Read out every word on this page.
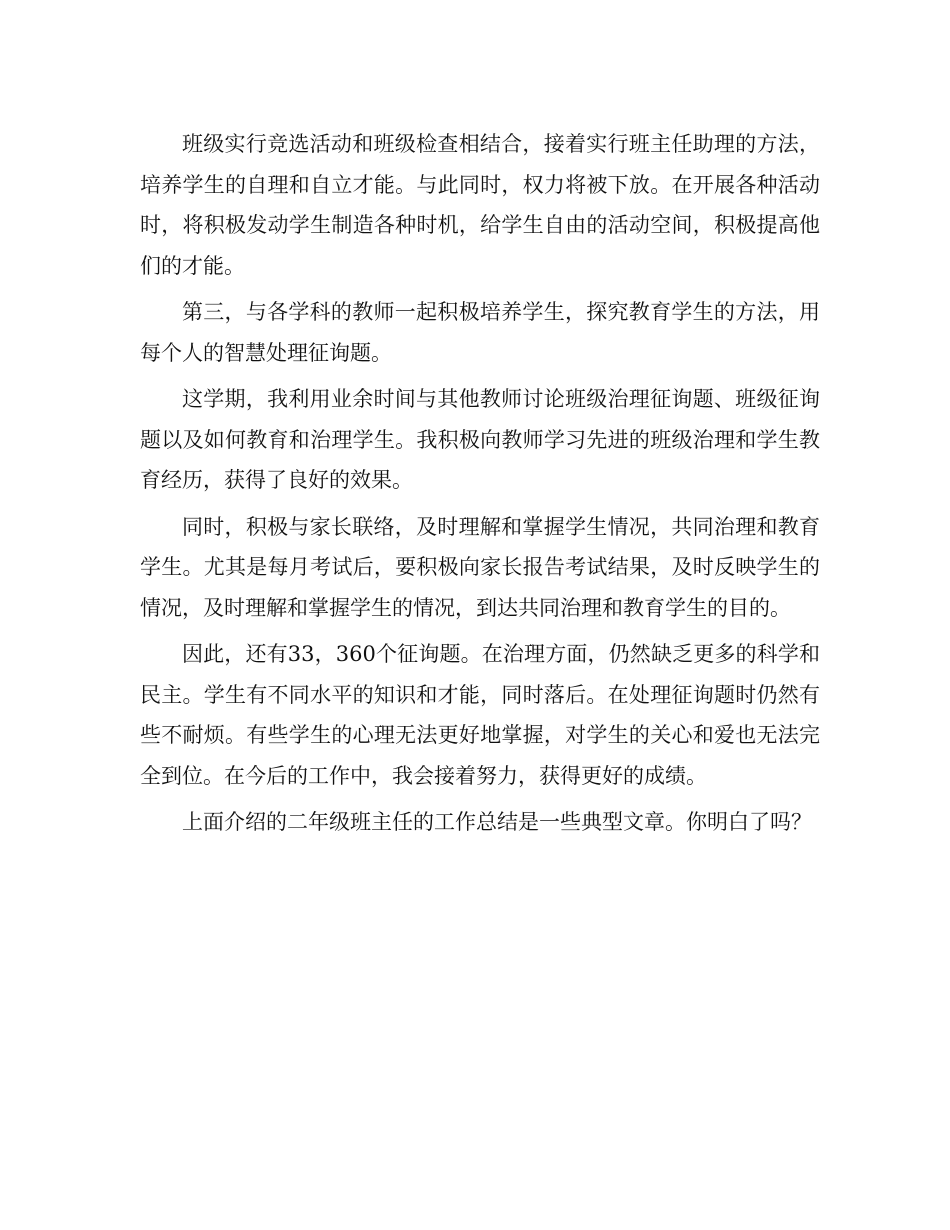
班级实行竞选活动和班级检查相结合，接着实行班主任助理的方法，培养学生的自理和自立才能。与此同时，权力将被下放。在开展各种活动时，将积极发动学生制造各种时机，给学生自由的活动空间，积极提高他们的才能。

第三，与各学科的教师一起积极培养学生，探究教育学生的方法，用每个人的智慧处理征询题。

这学期，我利用业余时间与其他教师讨论班级治理征询题、班级征询题以及如何教育和治理学生。我积极向教师学习先进的班级治理和学生教育经历，获得了良好的效果。

同时，积极与家长联络，及时理解和掌握学生情况，共同治理和教育学生。尤其是每月考试后，要积极向家长报告考试结果，及时反映学生的情况，及时理解和掌握学生的情况，到达共同治理和教育学生的目的。

因此，还有33，360个征询题。在治理方面，仍然缺乏更多的科学和民主。学生有不同水平的知识和才能，同时落后。在处理征询题时仍然有些不耐烦。有些学生的心理无法更好地掌握，对学生的关心和爱也无法完全到位。在今后的工作中，我会接着努力，获得更好的成绩。

上面介绍的二年级班主任的工作总结是一些典型文章。你明白了吗？
